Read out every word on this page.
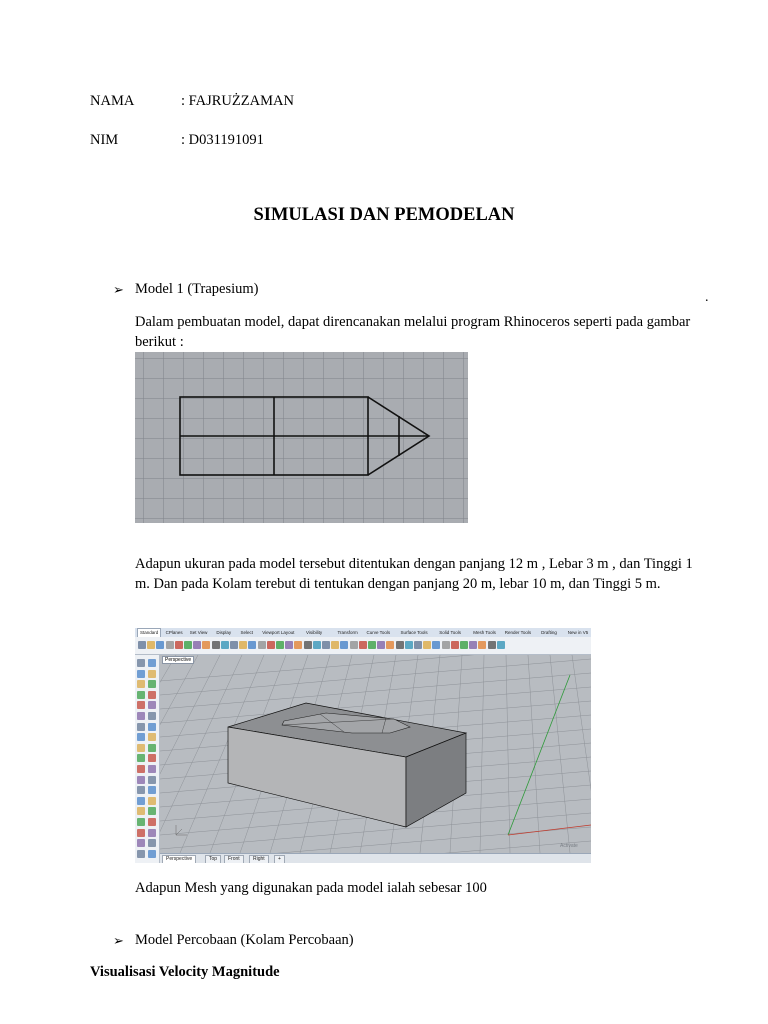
NAMA	: FAJRUŻZAMAN
NIM	: D031191091
SIMULASI DAN PEMODELAN
➢ Model 1 (Trapesium)
.
Dalam pembuatan model, dapat direncanakan melalui program Rhinoceros seperti pada gambar berikut :
Adapun ukuran pada model tersebut ditentukan dengan panjang 12 m , Lebar 3 m , dan Tinggi 1 m. Dan pada Kolam terebut di tentukan dengan panjang 20 m, lebar 10 m, dan Tinggi 5 m.
Standard	CPlanes	Set View	Display	Select	Viewport Layout	Visibility	Transform	Curve Tools	Surface Tools	Solid Tools	Mesh Tools	Render Tools	Drafting	New in V5
Activate
Perspective
Perspective	Top	Front	Right	+
Adapun Mesh yang digunakan pada model ialah sebesar 100
➢ Model Percobaan (Kolam Percobaan)
Visualisasi Velocity Magnitude
